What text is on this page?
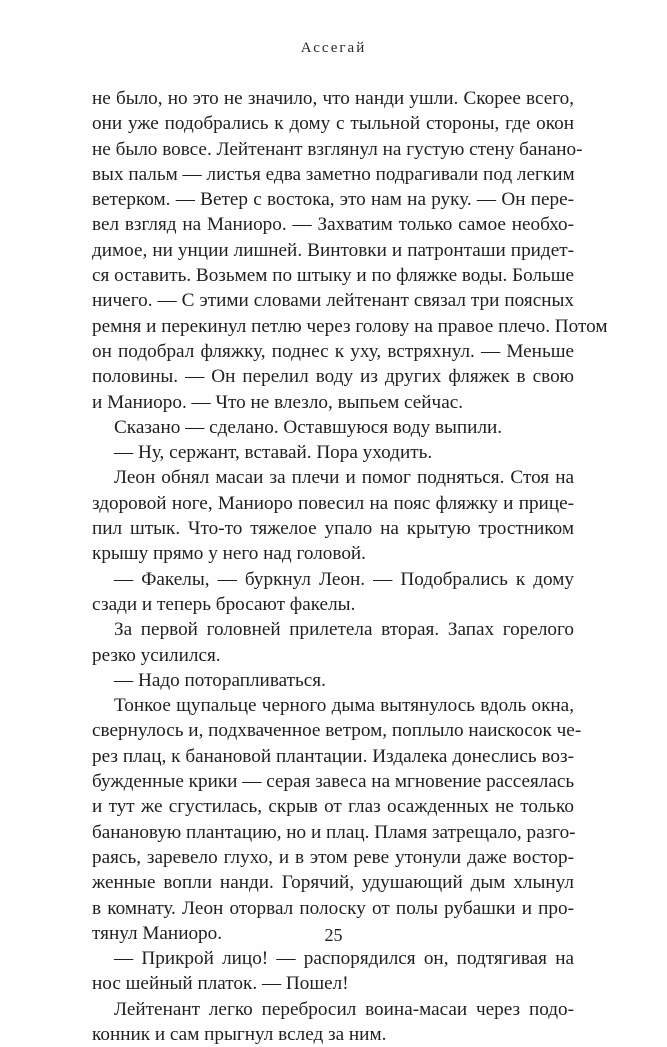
Ассегай
не было, но это не значило, что нанди ушли. Скорее всего,
они уже подобрались к дому с тыльной стороны, где окон
не было вовсе. Лейтенант взглянул на густую стену банано-
вых пальм — листья едва заметно подрагивали под легким
ветерком. — Ветер с востока, это нам на руку. — Он пере-
вел взгляд на Маниоро. — Захватим только самое необхо-
димое, ни унции лишней. Винтовки и патронташи придет-
ся оставить. Возьмем по штыку и по фляжке воды. Больше
ничего. — С этими словами лейтенант связал три поясных
ремня и перекинул петлю через голову на правое плечо. Потом
он подобрал фляжку, поднес к уху, встряхнул. — Меньше
половины. — Он перелил воду из других фляжек в свою
и Маниоро. — Что не влезло, выпьем сейчас.
Сказано — сделано. Оставшуюся воду выпили.
— Ну, сержант, вставай. Пора уходить.
Леон обнял масаи за плечи и помог подняться. Стоя на
здоровой ноге, Маниоро повесил на пояс фляжку и прице-
пил штык. Что-то тяжелое упало на крытую тростником
крышу прямо у него над головой.
— Факелы, — буркнул Леон. — Подобрались к дому
сзади и теперь бросают факелы.
За первой головней прилетела вторая. Запах горелого
резко усилился.
— Надо поторапливаться.
Тонкое щупальце черного дыма вытянулось вдоль окна,
свернулось и, подхваченное ветром, поплыло наискосок че-
рез плац, к банановой плантации. Издалека донеслись воз-
бужденные крики — серая завеса на мгновение рассеялась
и тут же сгустилась, скрыв от глаз осажденных не только
банановую плантацию, но и плац. Пламя затрещало, разго-
раясь, заревело глухо, и в этом реве утонули даже востор-
женные вопли нанди. Горячий, удушающий дым хлынул
в комнату. Леон оторвал полоску от полы рубашки и про-
тянул Маниоро.
— Прикрой лицо! — распорядился он, подтягивая на
нос шейный платок. — Пошел!
Лейтенант легко перебросил воина-масаи через подо-
конник и сам прыгнул вслед за ним.
25
